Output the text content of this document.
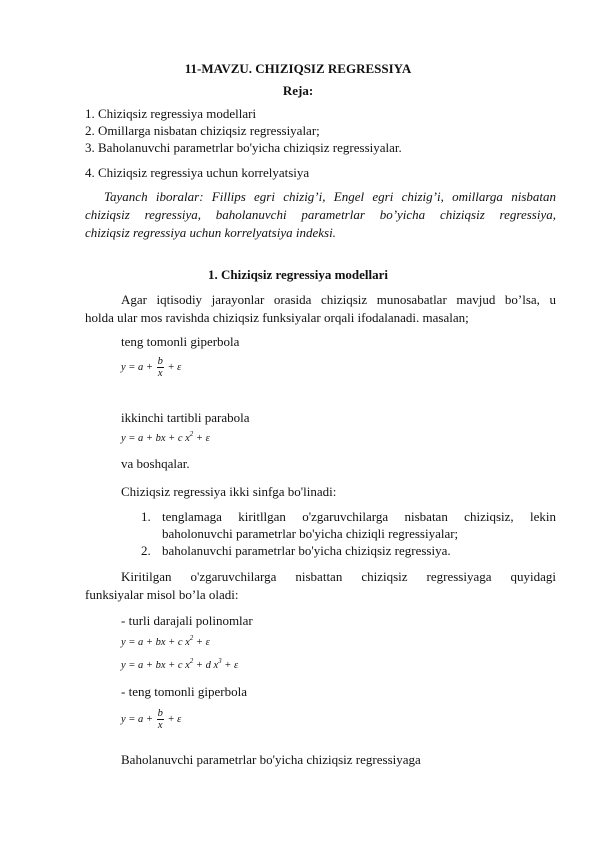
11-MAVZU. CHIZIQSIZ REGRESSIYA
Reja:
1. Chiziqsiz regressiya modellari
2. Omillarga nisbatan chiziqsiz regressiyalar;
3. Baholanuvchi parametrlar bo'yicha chiziqsiz regressiyalar.
4. Chiziqsiz regressiya uchun korrelyatsiya
Tayanch iboralar: Fillips egri chizig’i, Engel egri chizig’i, omillarga nisbatan
chiziqsiz regressiya, baholanuvchi parametrlar bo’yicha chiziqsiz regressiya,
chiziqsiz regressiya uchun korrelyatsiya indeksi.
1. Chiziqsiz regressiya modellari
Agar iqtisodiy jarayonlar orasida chiziqsiz munosabatlar mavjud bo’lsa, u
holda ular mos ravishda chiziqsiz funksiyalar orqali ifodalanadi. masalan;
teng tomonli giperbola
$y = a + \frac{b}{x} + \varepsilon$
ikkinchi tartibli parabola
y = a + bx + c $x^2 + \varepsilon$
va boshqalar.
Chiziqsiz regressiya ikki sinfga bo'linadi:
1. tenglamaga kiritllgan o'zgaruvchilarga nisbatan chiziqsiz, lekin
baholonuvchi parametrlar bo'yicha chiziqli regressiyalar;
2. baholanuvchi parametrlar bo'yicha chiziqsiz regressiya.
Kiritilgan o'zgaruvchilarga nisbattan chiziqsiz regressiyaga quyidagi
funksiyalar misol bo’la oladi:
- turli darajali polinomlar
y = a + bx + c $x^2 + \varepsilon$
y = a + bx + c $x^2 + d$ $x^3 + \varepsilon$
- teng tomonli giperbola
$y = a + \frac{b}{x} + \varepsilon$
Baholanuvchi parametrlar bo'yicha chiziqsiz regressiyaga
